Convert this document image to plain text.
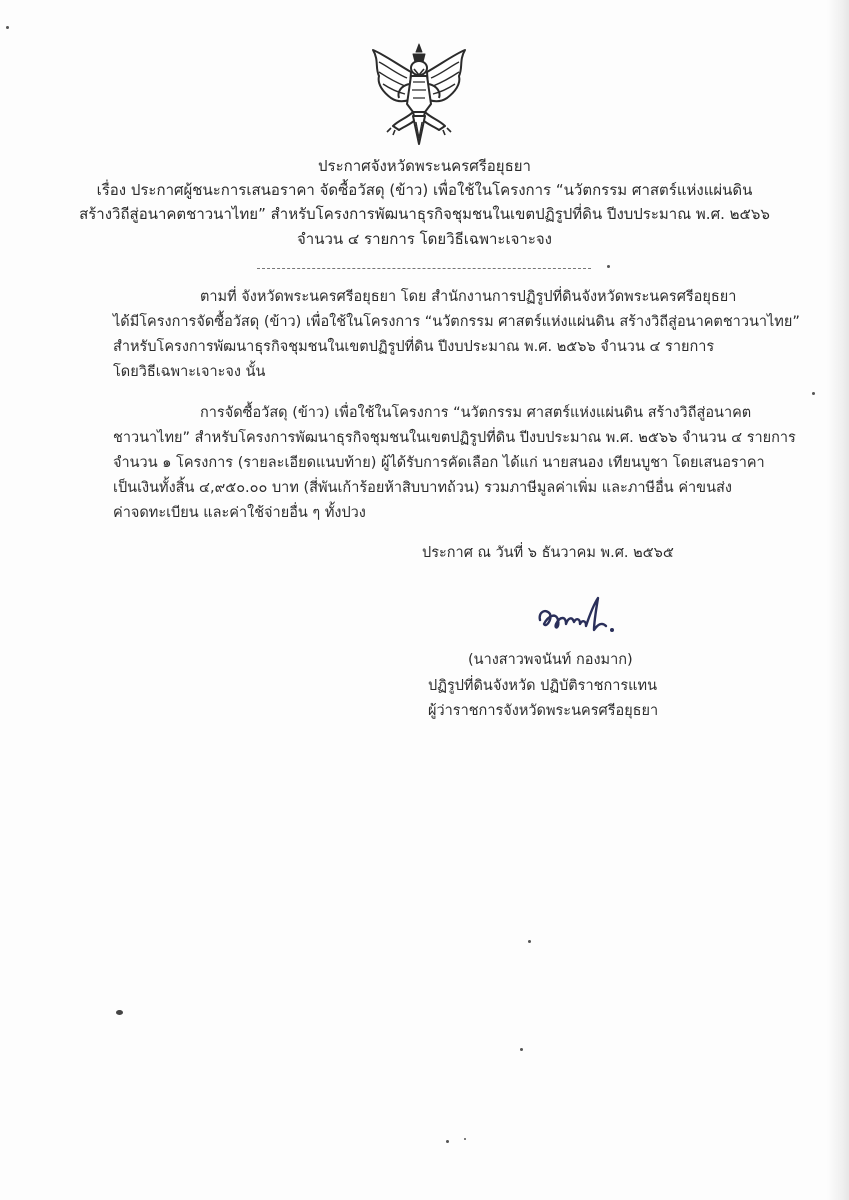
ประกาศจังหวัดพระนครศรีอยุธยา
เรื่อง ประกาศผู้ชนะการเสนอราคา จัดซื้อวัสดุ (ข้าว) เพื่อใช้ในโครงการ “นวัตกรรม ศาสตร์แห่งแผ่นดิน
สร้างวิถีสู่อนาคตชาวนาไทย” สำหรับโครงการพัฒนาธุรกิจชุมชนในเขตปฏิรูปที่ดิน ปีงบประมาณ พ.ศ. ๒๕๖๖
จำนวน ๔ รายการ โดยวิธีเฉพาะเจาะจง
ตามที่ จังหวัดพระนครศรีอยุธยา โดย สำนักงานการปฏิรูปที่ดินจังหวัดพระนครศรีอยุธยา
ได้มีโครงการจัดซื้อวัสดุ (ข้าว) เพื่อใช้ในโครงการ “นวัตกรรม ศาสตร์แห่งแผ่นดิน สร้างวิถีสู่อนาคตชาวนาไทย”
สำหรับโครงการพัฒนาธุรกิจชุมชนในเขตปฏิรูปที่ดิน ปีงบประมาณ พ.ศ. ๒๕๖๖ จำนวน ๔ รายการ
โดยวิธีเฉพาะเจาะจง นั้น
การจัดซื้อวัสดุ (ข้าว) เพื่อใช้ในโครงการ “นวัตกรรม ศาสตร์แห่งแผ่นดิน สร้างวิถีสู่อนาคต
ชาวนาไทย” สำหรับโครงการพัฒนาธุรกิจชุมชนในเขตปฏิรูปที่ดิน ปีงบประมาณ พ.ศ. ๒๕๖๖ จำนวน ๔ รายการ
จำนวน ๑ โครงการ (รายละเอียดแนบท้าย) ผู้ได้รับการคัดเลือก ได้แก่ นายสนอง เทียนบูชา โดยเสนอราคา
เป็นเงินทั้งสิ้น ๔,๙๕๐.๐๐ บาท (สี่พันเก้าร้อยห้าสิบบาทถ้วน) รวมภาษีมูลค่าเพิ่ม และภาษีอื่น ค่าขนส่ง
ค่าจดทะเบียน และค่าใช้จ่ายอื่น ๆ ทั้งปวง
ประกาศ ณ วันที่ ๖ ธันวาคม พ.ศ. ๒๕๖๕
(นางสาวพจนันท์ กองมาก)
ปฏิรูปที่ดินจังหวัด ปฏิบัติราชการแทน
ผู้ว่าราชการจังหวัดพระนครศรีอยุธยา
